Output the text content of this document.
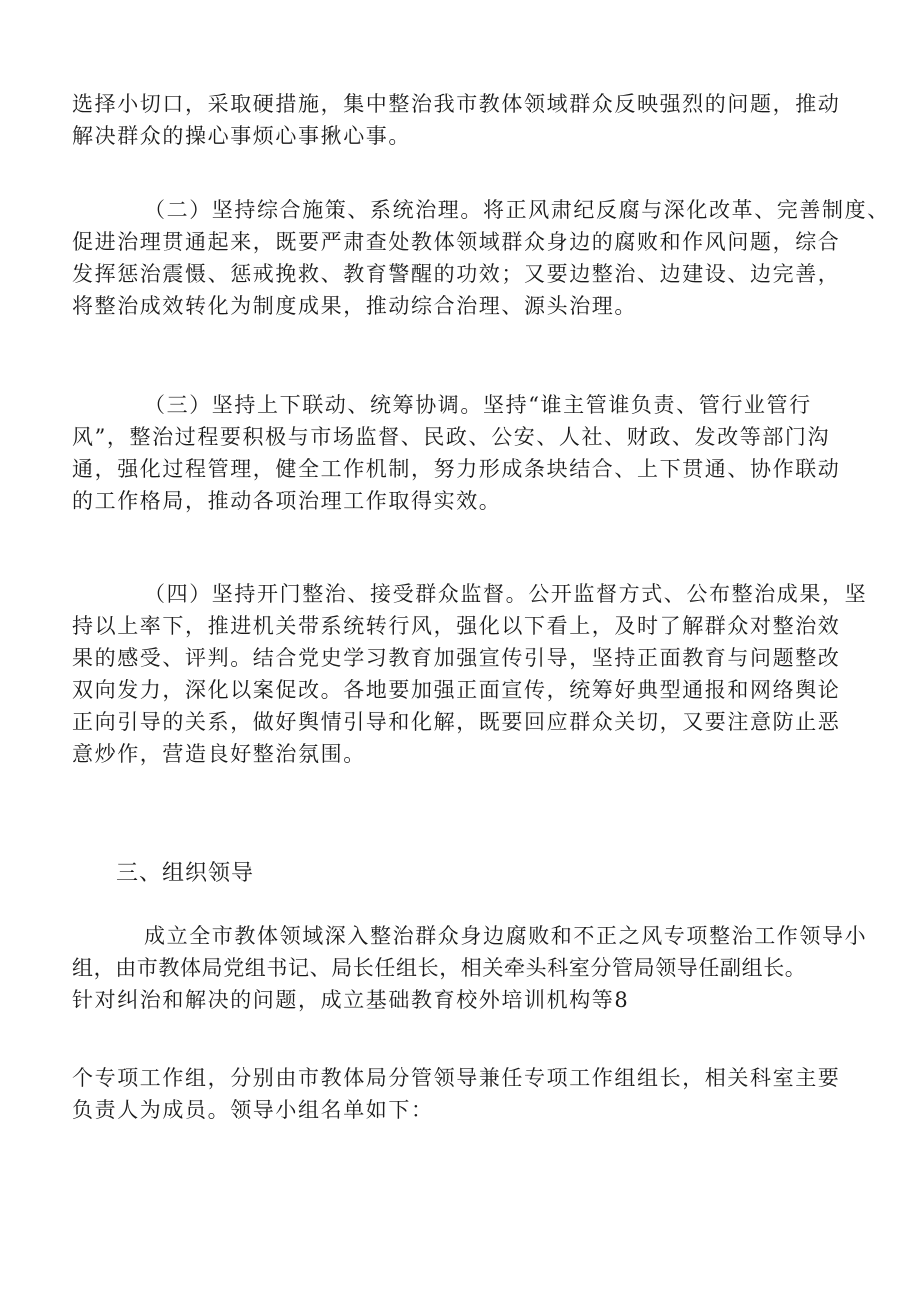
选择小切口，采取硬措施，集中整治我市教体领域群众反映强烈的问题，推动
解决群众的操心事烦心事揪心事。

（二）坚持综合施策、系统治理。将正风肃纪反腐与深化改革、完善制度、
促进治理贯通起来，既要严肃查处教体领域群众身边的腐败和作风问题，综合
发挥惩治震慑、惩戒挽救、教育警醒的功效；又要边整治、边建设、边完善，
将整治成效转化为制度成果，推动综合治理、源头治理。

（三）坚持上下联动、统筹协调。坚持“谁主管谁负责、管行业管行
风”，整治过程要积极与市场监督、民政、公安、人社、财政、发改等部门沟
通，强化过程管理，健全工作机制，努力形成条块结合、上下贯通、协作联动
的工作格局，推动各项治理工作取得实效。

（四）坚持开门整治、接受群众监督。公开监督方式、公布整治成果，坚
持以上率下，推进机关带系统转行风，强化以下看上，及时了解群众对整治效
果的感受、评判。结合党史学习教育加强宣传引导，坚持正面教育与问题整改
双向发力，深化以案促改。各地要加强正面宣传，统筹好典型通报和网络舆论
正向引导的关系，做好舆情引导和化解，既要回应群众关切，又要注意防止恶
意炒作，营造良好整治氛围。

三、组织领导

成立全市教体领域深入整治群众身边腐败和不正之风专项整治工作领导小
组，由市教体局党组书记、局长任组长，相关牵头科室分管局领导任副组长。
针对纠治和解决的问题，成立基础教育校外培训机构等8

个专项工作组，分别由市教体局分管领导兼任专项工作组组长，相关科室主要
负责人为成员。领导小组名单如下：
